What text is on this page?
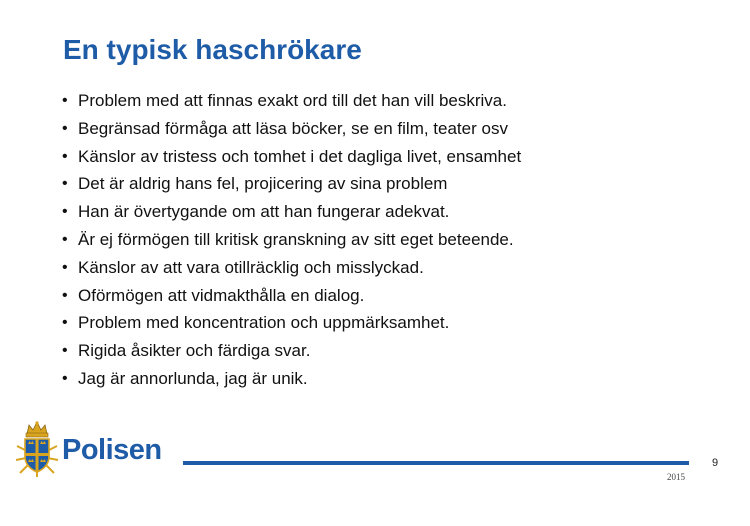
En typisk haschrökare
• Problem med att finnas exakt ord till det han vill beskriva.
• Begränsad förmåga att läsa böcker, se en film, teater osv
• Känslor av tristess och tomhet i det dagliga livet, ensamhet
• Det är aldrig hans fel, projicering av sina problem
• Han är övertygande om att han fungerar adekvat.
• Är ej förmögen till kritisk granskning av sitt eget beteende.
• Känslor av att vara otillräcklig och misslyckad.
• Oförmögen att vidmakthålla en dialog.
• Problem med koncentration och uppmärksamhet.
• Rigida åsikter och färdiga svar.
• Jag är annorlunda, jag är unik.
Polisen
2015
9
